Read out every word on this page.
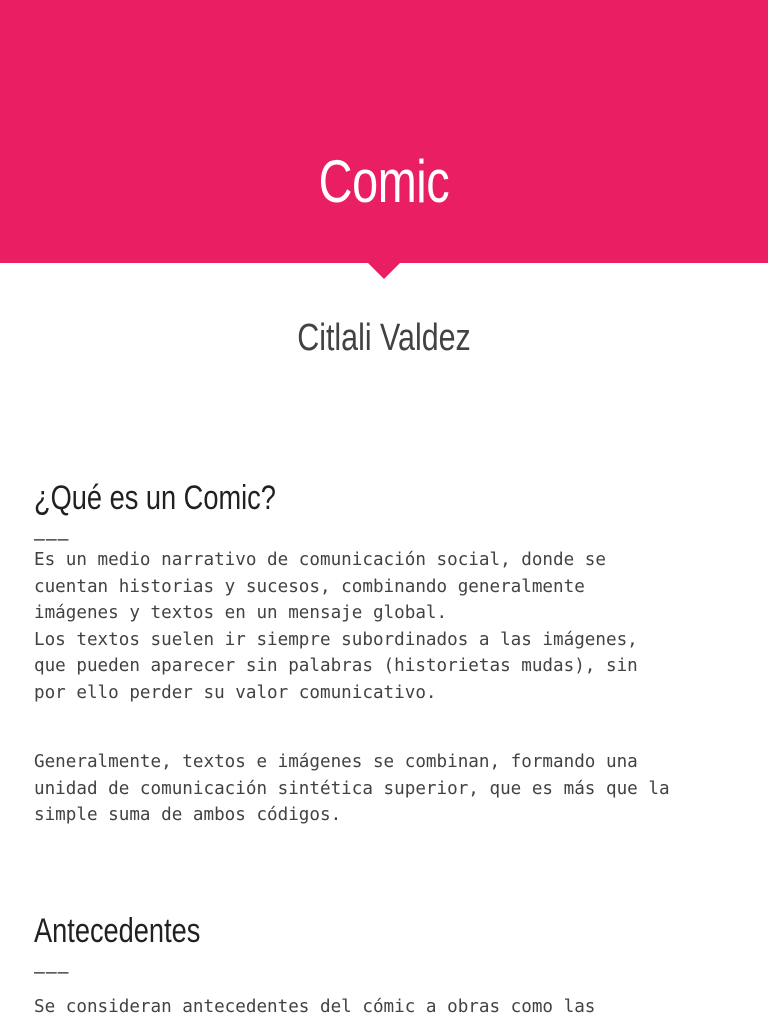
Comic
Citlali Valdez
¿Qué es un Comic?
———
Es un medio narrativo de comunicación social, donde se
cuentan historias y sucesos, combinando generalmente
imágenes y textos en un mensaje global.
Los textos suelen ir siempre subordinados a las imágenes,
que pueden aparecer sin palabras (historietas mudas), sin
por ello perder su valor comunicativo.
Generalmente, textos e imágenes se combinan, formando una
unidad de comunicación sintética superior, que es más que la
simple suma de ambos códigos.
Antecedentes
———
Se consideran antecedentes del cómic a obras como las
